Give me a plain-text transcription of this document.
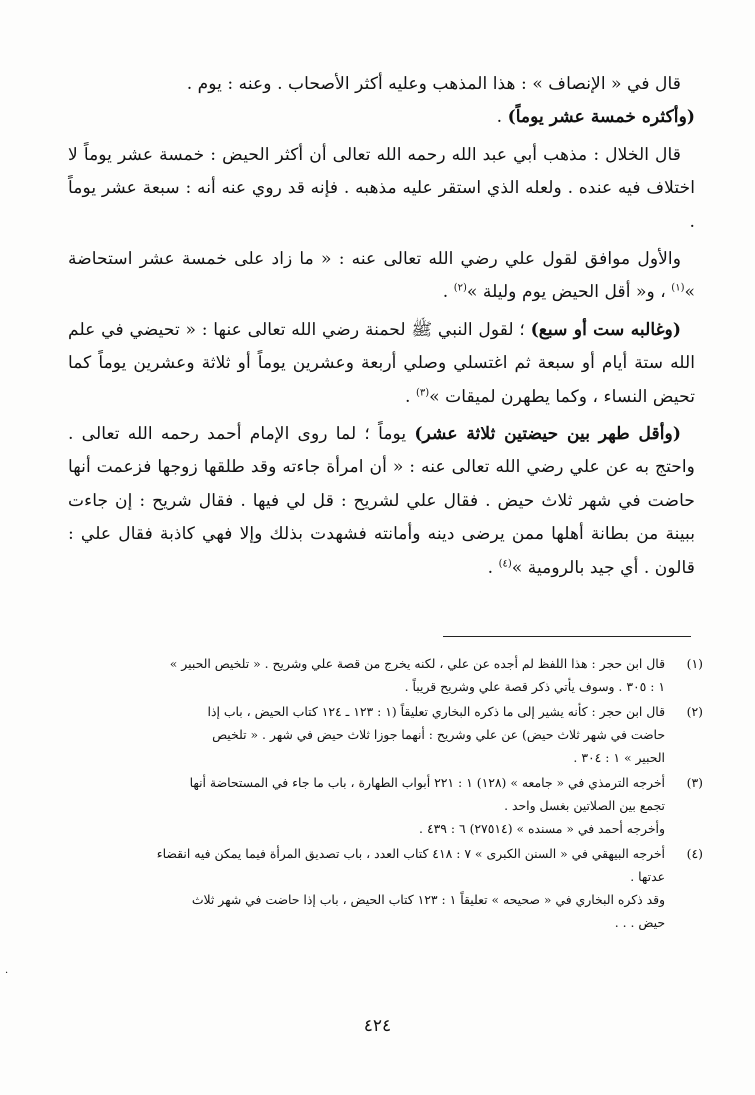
قال في « الإنصاف » : هذا المذهب وعليه أكثر الأصحاب . وعنه : يوم .
(وأكثره خمسة عشر يوماً) .

قال الخلال : مذهب أبي عبد الله رحمه الله تعالى أن أكثر الحيض : خمسة عشر يوماً لا اختلاف فيه عنده . ولعله الذي استقر عليه مذهبه . فإنه قد روي عنه أنه : سبعة عشر يوماً .

والأول موافق لقول علي رضي الله تعالى عنه : « ما زاد على خمسة عشر استحاضة »$^{(١)}$ ، و« أقل الحيض يوم وليلة »$^{(٢)}$ .

(وغالبه ست أو سبع) ؛ لقول النبي ﷺ لحمنة رضي الله تعالى عنها : « تحيضي في علم الله ستة أيام أو سبعة ثم اغتسلي وصلي أربعة وعشرين يوماً أو ثلاثة وعشرين يوماً كما تحيض النساء ، وكما يطهرن لميقات »$^{(٣)}$ .

(وأقل طهر بين حيضتين ثلاثة عشر) يوماً ؛ لما روى الإمام أحمد رحمه الله تعالى . واحتج به عن علي رضي الله تعالى عنه : « أن امرأة جاءته وقد طلقها زوجها فزعمت أنها حاضت في شهر ثلاث حيض . فقال علي لشريح : قل لي فيها . فقال شريح : إن جاءت ببينة من بطانة أهلها ممن يرضى دينه وأمانته فشهدت بذلك وإلا فهي كاذبة فقال علي : قالون . أي جيد بالرومية »$^{(٤)}$ .

(١)
قال ابن حجر : هذا اللفظ لم أجده عن علي ، لكنه يخرج من قصة علي وشريح . « تلخيص الحبير »
١ : ٣٠٥ . وسوف يأتي ذكر قصة علي وشريح قريباً .
(٢)
قال ابن حجر : كأنه يشير إلى ما ذكره البخاري تعليقاً (١ : ١٢٣ ـ ١٢٤ كتاب الحيض ، باب إذا
حاضت في شهر ثلاث حيض) عن علي وشريح : أنهما جوزا ثلاث حيض في شهر . « تلخيص
الحبير » ١ : ٣٠٤ .
(٣)
أخرجه الترمذي في « جامعه » (١٢٨) ١ : ٢٢١ أبواب الطهارة ، باب ما جاء في المستحاضة أنها
تجمع بين الصلاتين بغسل واحد .
وأخرجه أحمد في « مسنده » (٢٧٥١٤) ٦ : ٤٣٩ .
(٤)
أخرجه البيهقي في « السنن الكبرى » ٧ : ٤١٨ كتاب العدد ، باب تصديق المرأة فيما يمكن فيه انقضاء
عدتها .
وقد ذكره البخاري في « صحيحه » تعليقاً ١ : ١٢٣ كتاب الحيض ، باب إذا حاضت في شهر ثلاث
حيض . . .
٤٢٤
·
